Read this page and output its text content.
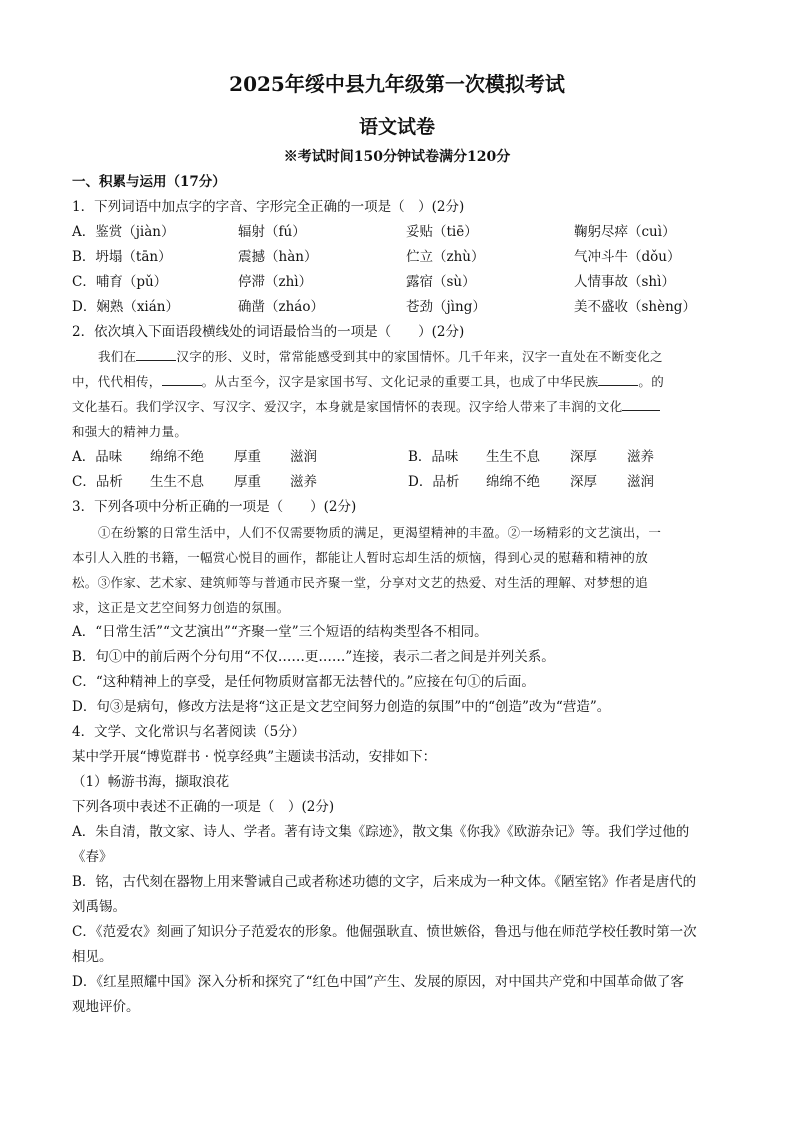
2025年绥中县九年级第一次模拟考试
语文试卷
※考试时间150分钟试卷满分120分
一、积累与运用（17分）
1．下列词语中加点字的字音、字形完全正确的一项是（　）(2分)
A．鉴赏（jiàn）	辐射（fú）	妥贴（tiē）	鞠躬尽瘁（cuì）
B．坍塌（tān）	震撼（hàn）	伫立（zhù）	气冲斗牛（dǒu）
C．哺育（pǔ）	停滞（zhì）	露宿（sù）	人情事故（shì）
D．娴熟（xián）	确凿（zháo）	苍劲（jìng）	美不盛收（shèng）
2．依次填入下面语段横线处的词语最恰当的一项是（　　）(2分)
我们在	汉字的形、义时，常常能感受到其中的家国情怀。几千年来，汉字一直处在不断变化之
中，代代相传，	。从古至今，汉字是家国书写、文化记录的重要工具，也成了中华民族	。的
文化基石。我们学汉字、写汉字、爱汉字，本身就是家国情怀的表现。汉字给人带来了丰润的文化
和强大的精神力量。
A．品味 绵绵不绝 厚重 滋润	B．品味 生生不息 深厚 滋养
C．品析 生生不息 厚重 滋养	D．品析 绵绵不绝 深厚 滋润
3．下列各项中分析正确的一项是（　　）(2分)
①在纷繁的日常生活中，人们不仅需要物质的满足，更渴望精神的丰盈。②一场精彩的文艺演出，一
本引人入胜的书籍，一幅赏心悦目的画作，都能让人暂时忘却生活的烦恼，得到心灵的慰藉和精神的放
松。③作家、艺术家、建筑师等与普通市民齐聚一堂，分享对文艺的热爱、对生活的理解、对梦想的追
求，这正是文艺空间努力创造的氛围。
A．“日常生活”“文艺演出”“齐聚一堂”三个短语的结构类型各不相同。
B．句①中的前后两个分句用“不仅……更……”连接，表示二者之间是并列关系。
C．“这种精神上的享受，是任何物质财富都无法替代的。”应接在句①的后面。
D．句③是病句，修改方法是将“这正是文艺空间努力创造的氛围”中的“创造”改为“营造”。
4．文学、文化常识与名著阅读（5分）
某中学开展“博览群书 · 悦享经典”主题读书活动，安排如下：
（1）畅游书海，撷取浪花
下列各项中表述不正确的一项是（　）(2分)
A．朱自清，散文家、诗人、学者。著有诗文集《踪迹》，散文集《你我》《欧游杂记》等。我们学过他的
《春》
B．铭，古代刻在器物上用来警诫自己或者称述功德的文字，后来成为一种文体。《陋室铭》作者是唐代的
刘禹锡。
C．《范爱农》刻画了知识分子范爱农的形象。他倔强耿直、愤世嫉俗，鲁迅与他在师范学校任教时第一次
相见。
D．《红星照耀中国》深入分析和探究了“红色中国”产生、发展的原因，对中国共产党和中国革命做了客
观地评价。
